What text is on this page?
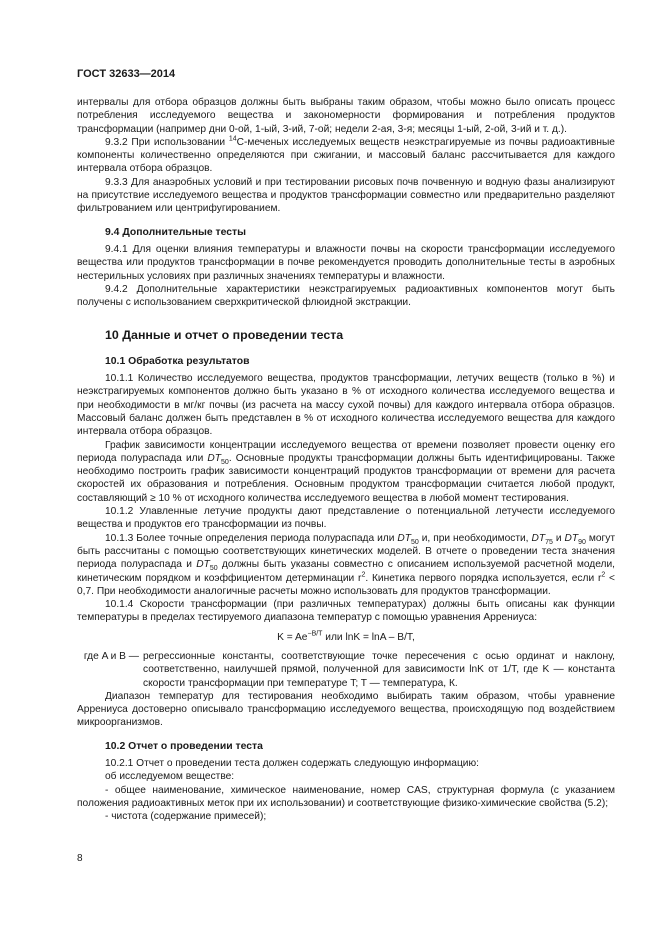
ГОСТ 32633—2014

интервалы для отбора образцов должны быть выбраны таким образом, чтобы можно было описать процесс потребления исследуемого вещества и закономерности формирования и потребления продуктов трансформации (например дни 0-ой, 1-ый, 3-ий, 7-ой; недели 2-ая, 3-я; месяцы 1-ый, 2-ой, 3-ий и т. д.).

9.3.2 При использовании $^{14}$C-меченых исследуемых веществ неэкстрагируемые из почвы радиоактивные компоненты количественно определяются при сжигании, и массовый баланс рассчитывается для каждого интервала отбора образцов.

9.3.3 Для анаэробных условий и при тестировании рисовых почв почвенную и водную фазы анализируют на присутствие исследуемого вещества и продуктов трансформации совместно или предварительно разделяют фильтрованием или центрифугированием.

9.4 Дополнительные тесты

9.4.1 Для оценки влияния температуры и влажности почвы на скорости трансформации исследуемого вещества или продуктов трансформации в почве рекомендуется проводить дополнительные тесты в аэробных нестерильных условиях при различных значениях температуры и влажности.

9.4.2 Дополнительные характеристики неэкстрагируемых радиоактивных компонентов могут быть получены с использованием сверхкритической флюидной экстракции.

10 Данные и отчет о проведении теста
10.1 Обработка результатов

10.1.1 Количество исследуемого вещества, продуктов трансформации, летучих веществ (только в %) и неэкстрагируемых компонентов должно быть указано в % от исходного количества исследуемого вещества и при необходимости в мг/кг почвы (из расчета на массу сухой почвы) для каждого интервала отбора образцов. Массовый баланс должен быть представлен в % от исходного количества исследуемого вещества для каждого интервала отбора образцов.

График зависимости концентрации исследуемого вещества от времени позволяет провести оценку его периода полураспада или $DT_{50}$. Основные продукты трансформации должны быть идентифицированы. Также необходимо построить график зависимости концентраций продуктов трансформации от времени для расчета скоростей их образования и потребления. Основным продуктом трансформации считается любой продукт, составляющий ≥ 10 % от исходного количества исследуемого вещества в любой момент тестирования.

10.1.2 Улавленные летучие продукты дают представление о потенциальной летучести исследуемого вещества и продуктов его трансформации из почвы.

10.1.3 Более точные определения периода полураспада или $DT_{50}$ и, при необходимости, $DT_{75}$ и $DT_{90}$ могут быть рассчитаны с помощью соответствующих кинетических моделей. В отчете о проведении теста значения периода полураспада и $DT_{50}$ должны быть указаны совместно с описанием используемой расчетной модели, кинетическим порядком и коэффициентом детерминации $r^2$. Кинетика первого порядка используется, если $r^2 < 0,7$. При необходимости аналогичные расчеты можно использовать для продуктов трансформации.

10.1.4 Скорости трансформации (при различных температурах) должны быть описаны как функции температуры в пределах тестируемого диапазона температур с помощью уравнения Аррениуса:

$K = Ae^{-B/T}$ или lnK = lnA – B/T,
где A и B — регрессионные константы, соответствующие точке пересечения с осью ординат и наклону, соответственно, наилучшей прямой, полученной для зависимости lnK от 1/T, где K — константа скорости трансформации при температуре T; T — температура, К.

Диапазон температур для тестирования необходимо выбирать таким образом, чтобы уравнение Аррениуса достоверно описывало трансформацию исследуемого вещества, происходящую под воздействием микроорганизмов.

10.2 Отчет о проведении теста

10.2.1 Отчет о проведении теста должен содержать следующую информацию:

об исследуемом веществе:

- общее наименование, химическое наименование, номер CAS, структурная формула (с указанием положения радиоактивных меток при их использовании) и соответствующие физико-химические свойства (5.2);

- чистота (содержание примесей);

8
